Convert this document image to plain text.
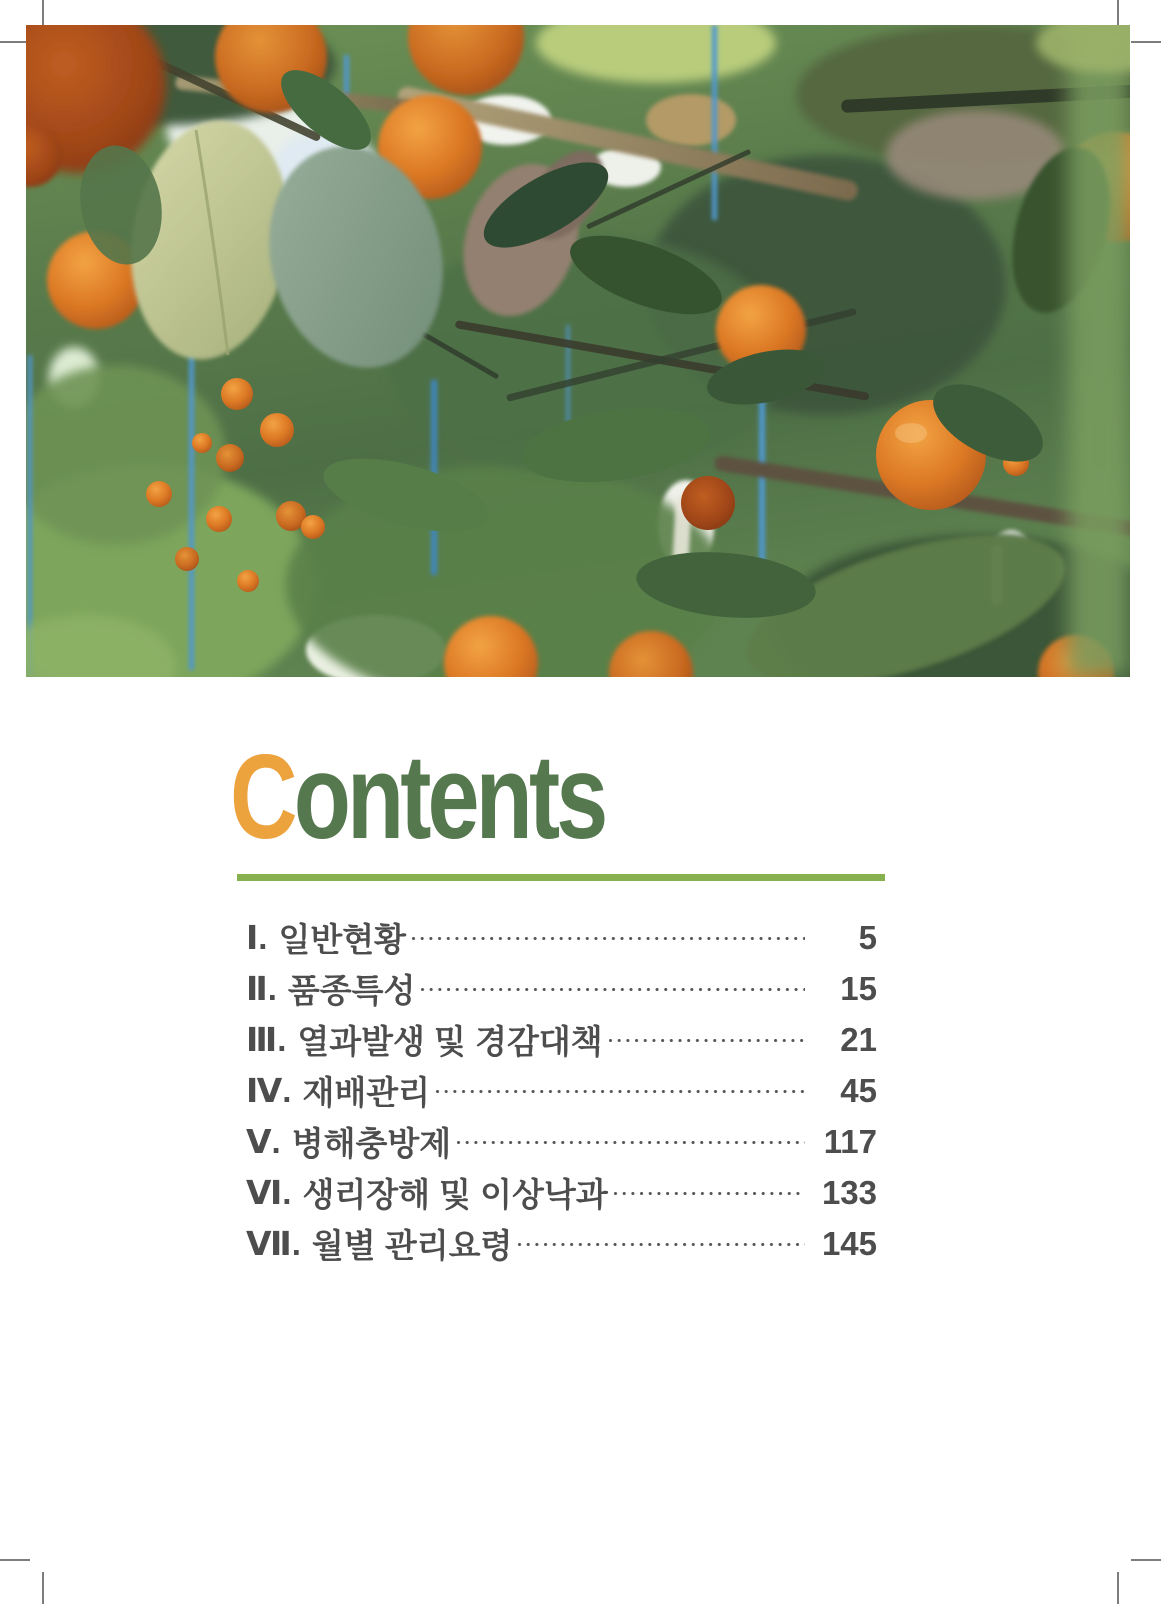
Contents
Ⅰ. 일반현황	5
Ⅱ. 품종특성	15
Ⅲ. 열과발생 및 경감대책	21
Ⅳ. 재배관리	45
Ⅴ. 병해충방제	117
Ⅵ. 생리장해 및 이상낙과	133
Ⅶ. 월별 관리요령	145
